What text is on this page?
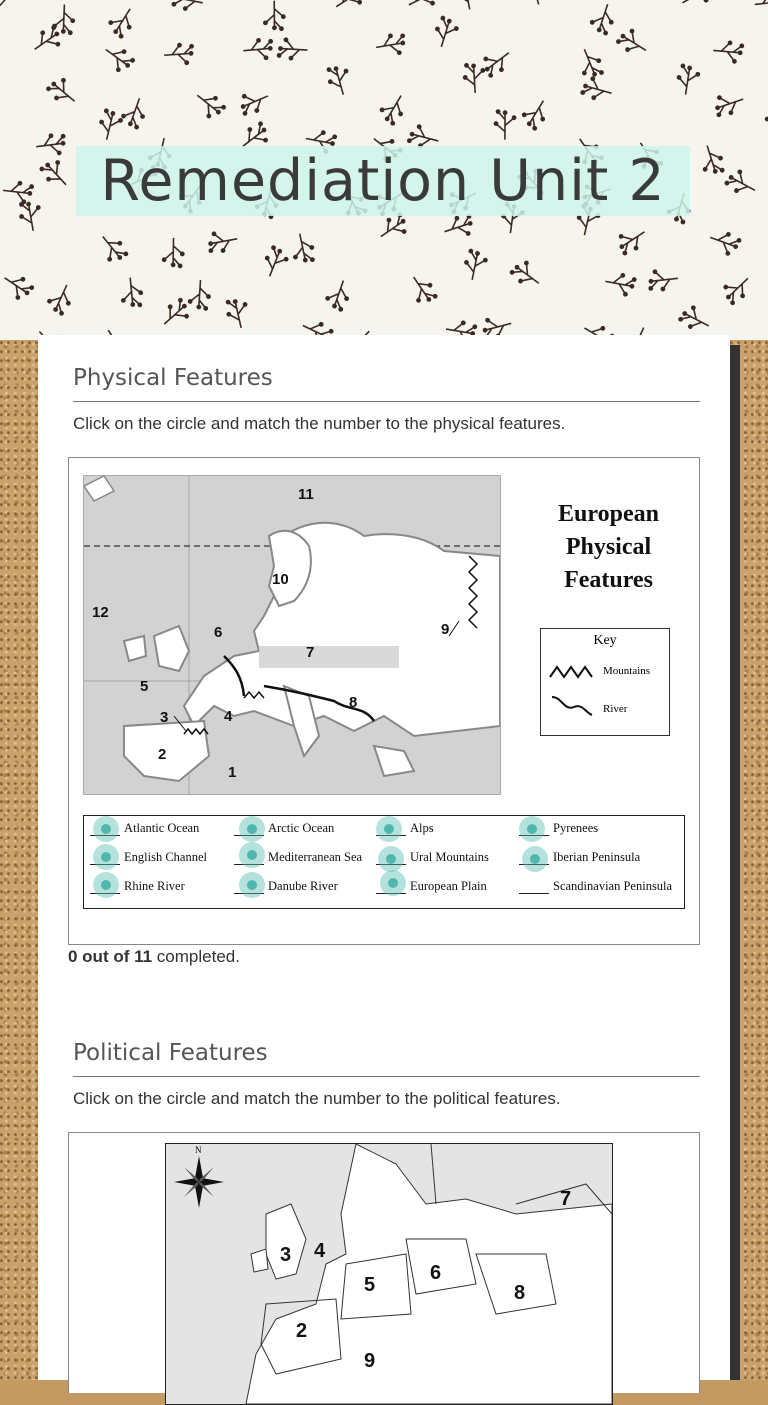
Remediation Unit 2
Physical Features
Click on the circle and match the number to the physical features.
11
10
12
6
7
9
5
8
3	4
2
1
European
Physical
Features
Key
Mountains
River
Atlantic Ocean	Arctic Ocean	Alps	Pyrenees
English Channel	Mediterranean Sea	Ural Mountains	Iberian Peninsula
Rhine River	Danube River	European Plain	Scandinavian Peninsula
0 out of 11 completed.
Political Features
Click on the circle and match the number to the political features.
N
3 4
5
6
7
8
2
9
